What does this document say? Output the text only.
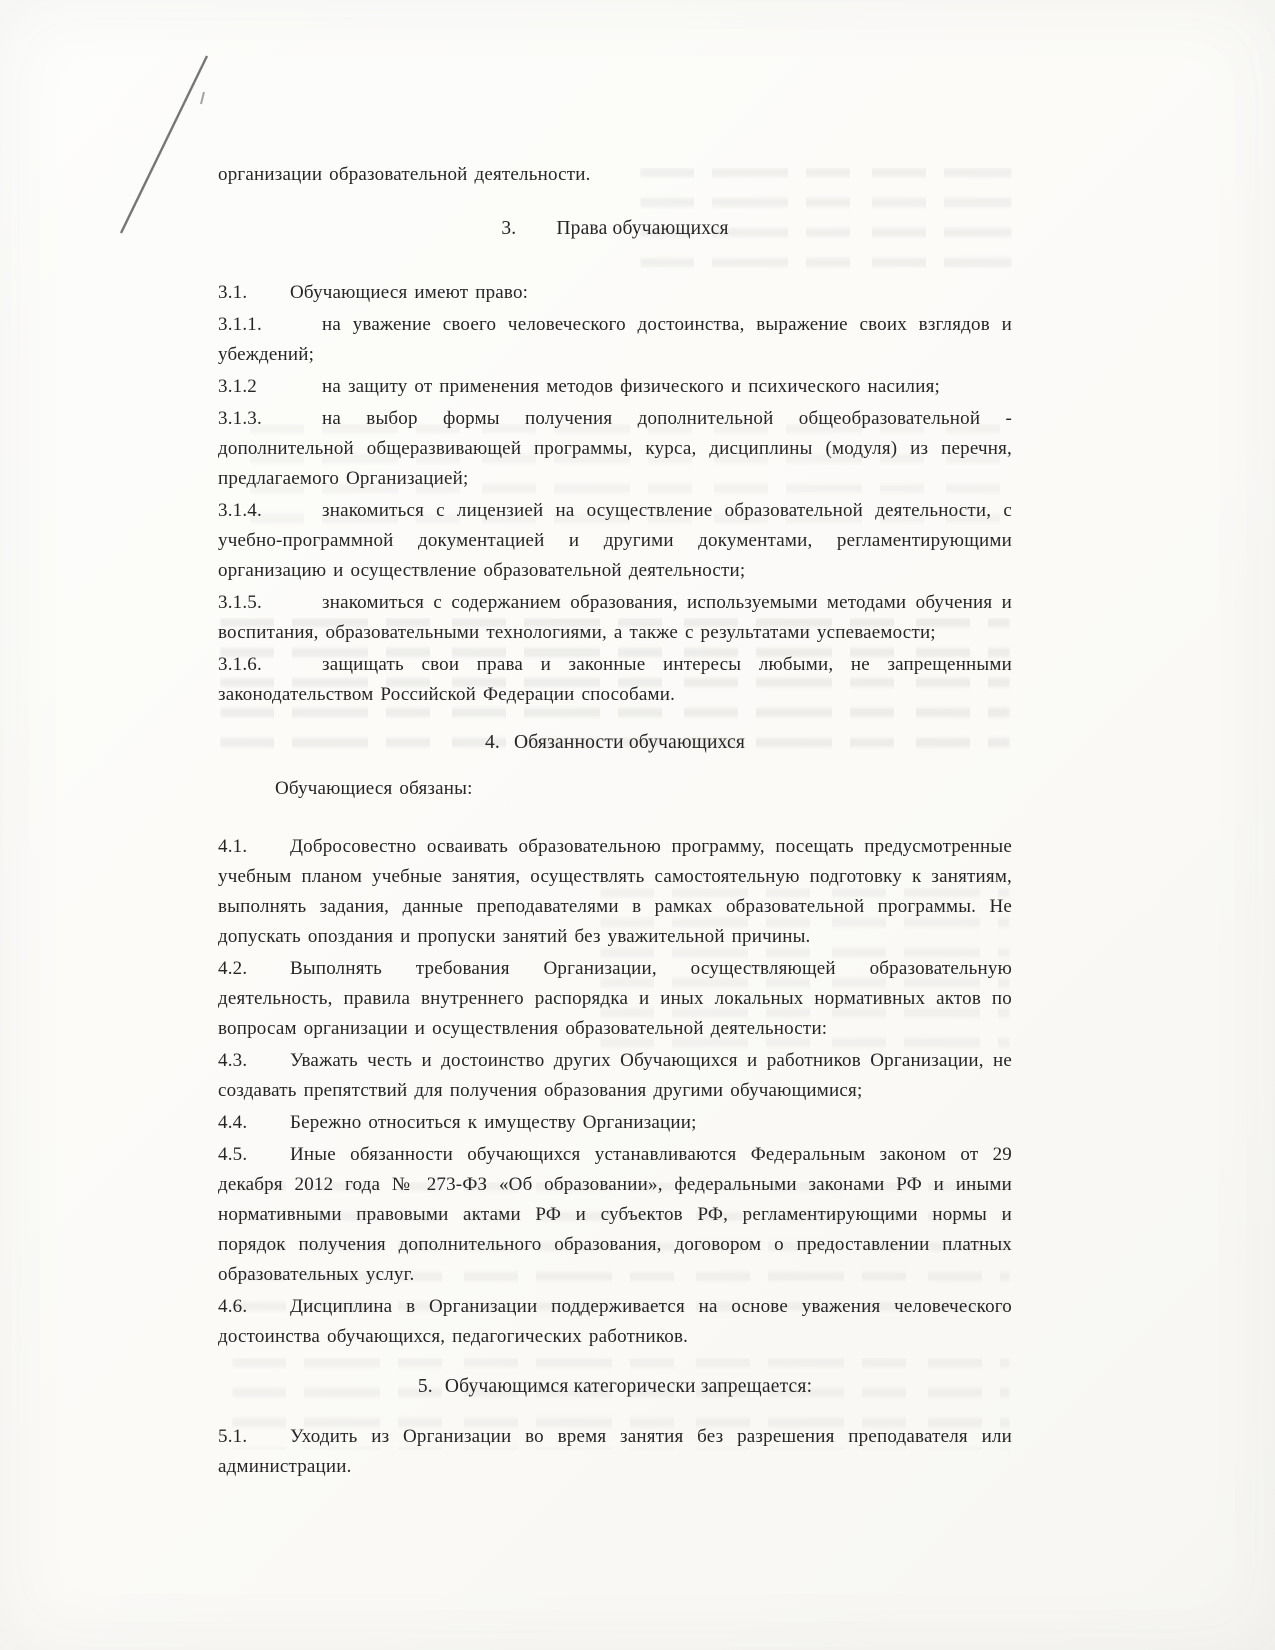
организации образовательной деятельности.

3. Права обучающихся

3.1. Обучающиеся имеют право:

3.1.1.	на уважение своего человеческого достоинства, выражение своих взглядов и убеждений;

3.1.2	на защиту от применения методов физического и психического насилия;

3.1.3.	на выбор формы получения дополнительной общеобразовательной - дополнительной общеразвивающей программы, курса, дисциплины (модуля) из перечня, предлагаемого Организацией;

3.1.4.	знакомиться с лицензией на осуществление образовательной деятельности, с учебно-программной документацией и другими документами, регламентирующими организацию и осуществление образовательной деятельности;

3.1.5.	знакомиться с содержанием образования, используемыми методами обучения и воспитания, образовательными технологиями, а также с результатами успеваемости;

3.1.6.	защищать свои права и законные интересы любыми, не запрещенными законодательством Российской Федерации способами.

4. Обязанности обучающихся

Обучающиеся обязаны:

4.1. Добросовестно осваивать образовательною программу, посещать предусмотренные учебным планом учебные занятия, осуществлять самостоятельную подготовку к занятиям, выполнять задания, данные преподавателями в рамках образовательной программы. Не допускать опоздания и пропуски занятий без уважительной причины.

4.2. Выполнять требования Организации, осуществляющей образовательную деятельность, правила внутреннего распорядка и иных локальных нормативных актов по вопросам организации и осуществления образовательной деятельности:

4.3. Уважать честь и достоинство других Обучающихся и работников Организации, не создавать препятствий для получения образования другими обучающимися;

4.4. Бережно относиться к имуществу Организации;

4.5. Иные обязанности обучающихся устанавливаются Федеральным законом от 29 декабря 2012 года № 273-ФЗ «Об образовании», федеральными законами РФ и иными нормативными правовыми актами РФ и субъектов РФ, регламентирующими нормы и порядок получения дополнительного образования, договором о предоставлении платных образовательных услуг.

4.6. Дисциплина в Организации поддерживается на основе уважения человеческого достоинства обучающихся, педагогических работников.

5. Обучающимся категорически запрещается:

5.1. Уходить из Организации во время занятия без разрешения преподавателя или администрации.
